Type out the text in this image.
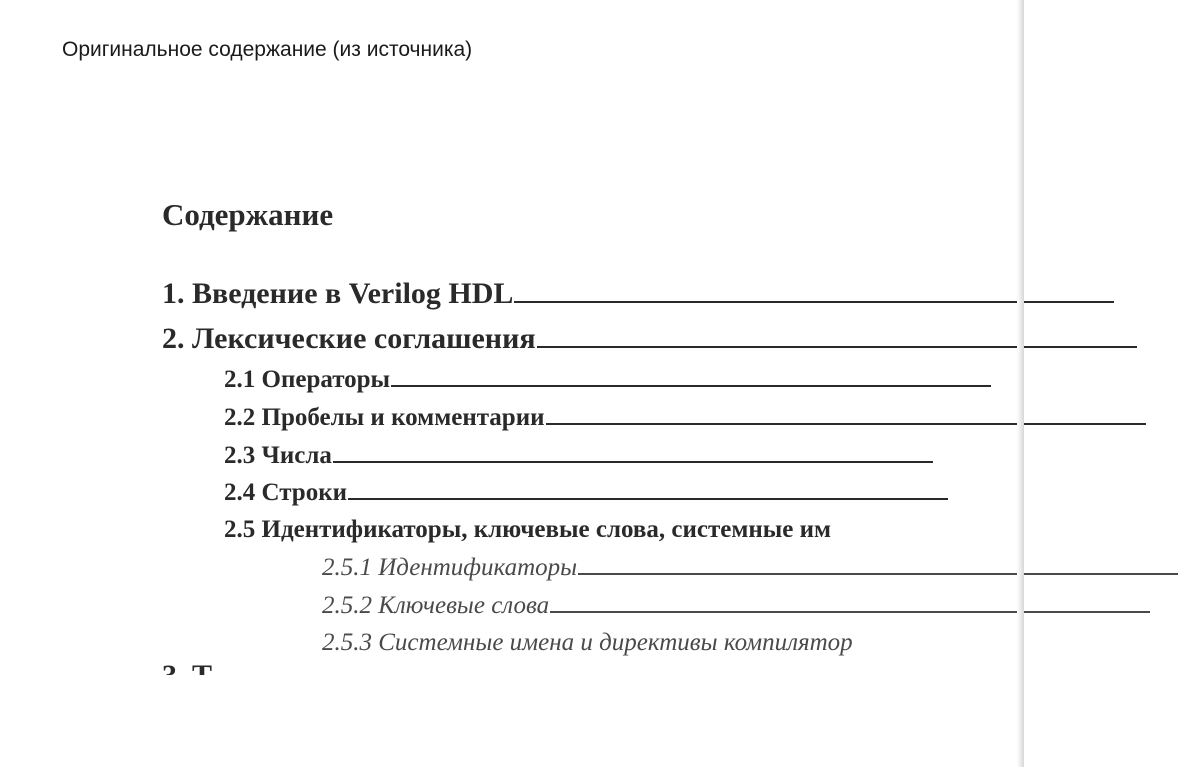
Оригинальное содержание (из источника)
Содержание
1. Введение в Verilog HDL
2. Лексические соглашения
2.1 Операторы
2.2 Пробелы и комментарии
2.3 Числа
2.4 Строки
2.5 Идентификаторы, ключевые слова, системные им
2.5.1 Идентификаторы
2.5.2 Ключевые слова
2.5.3 Системные имена и директивы компилятор
